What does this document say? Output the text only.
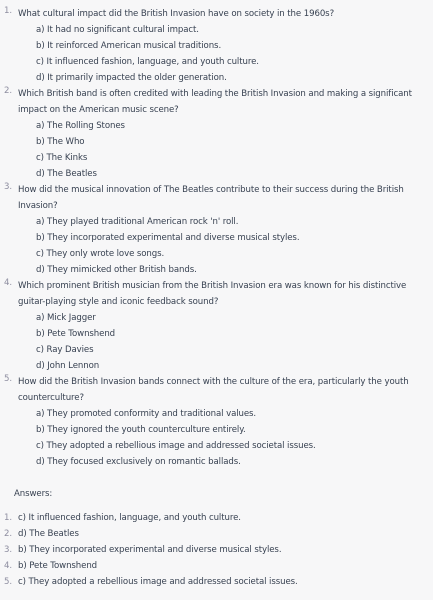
1. What cultural impact did the British Invasion have on society in the 1960s?
a) It had no significant cultural impact.
b) It reinforced American musical traditions.
c) It influenced fashion, language, and youth culture.
d) It primarily impacted the older generation.
2. Which British band is often credited with leading the British Invasion and making a significant
impact on the American music scene?
a) The Rolling Stones
b) The Who
c) The Kinks
d) The Beatles
3. How did the musical innovation of The Beatles contribute to their success during the British
Invasion?
a) They played traditional American rock 'n' roll.
b) They incorporated experimental and diverse musical styles.
c) They only wrote love songs.
d) They mimicked other British bands.
4. Which prominent British musician from the British Invasion era was known for his distinctive
guitar-playing style and iconic feedback sound?
a) Mick Jagger
b) Pete Townshend
c) Ray Davies
d) John Lennon
5. How did the British Invasion bands connect with the culture of the era, particularly the youth
counterculture?
a) They promoted conformity and traditional values.
b) They ignored the youth counterculture entirely.
c) They adopted a rebellious image and addressed societal issues.
d) They focused exclusively on romantic ballads.
Answers:
1. c) It influenced fashion, language, and youth culture.
2. d) The Beatles
3. b) They incorporated experimental and diverse musical styles.
4. b) Pete Townshend
5. c) They adopted a rebellious image and addressed societal issues.
